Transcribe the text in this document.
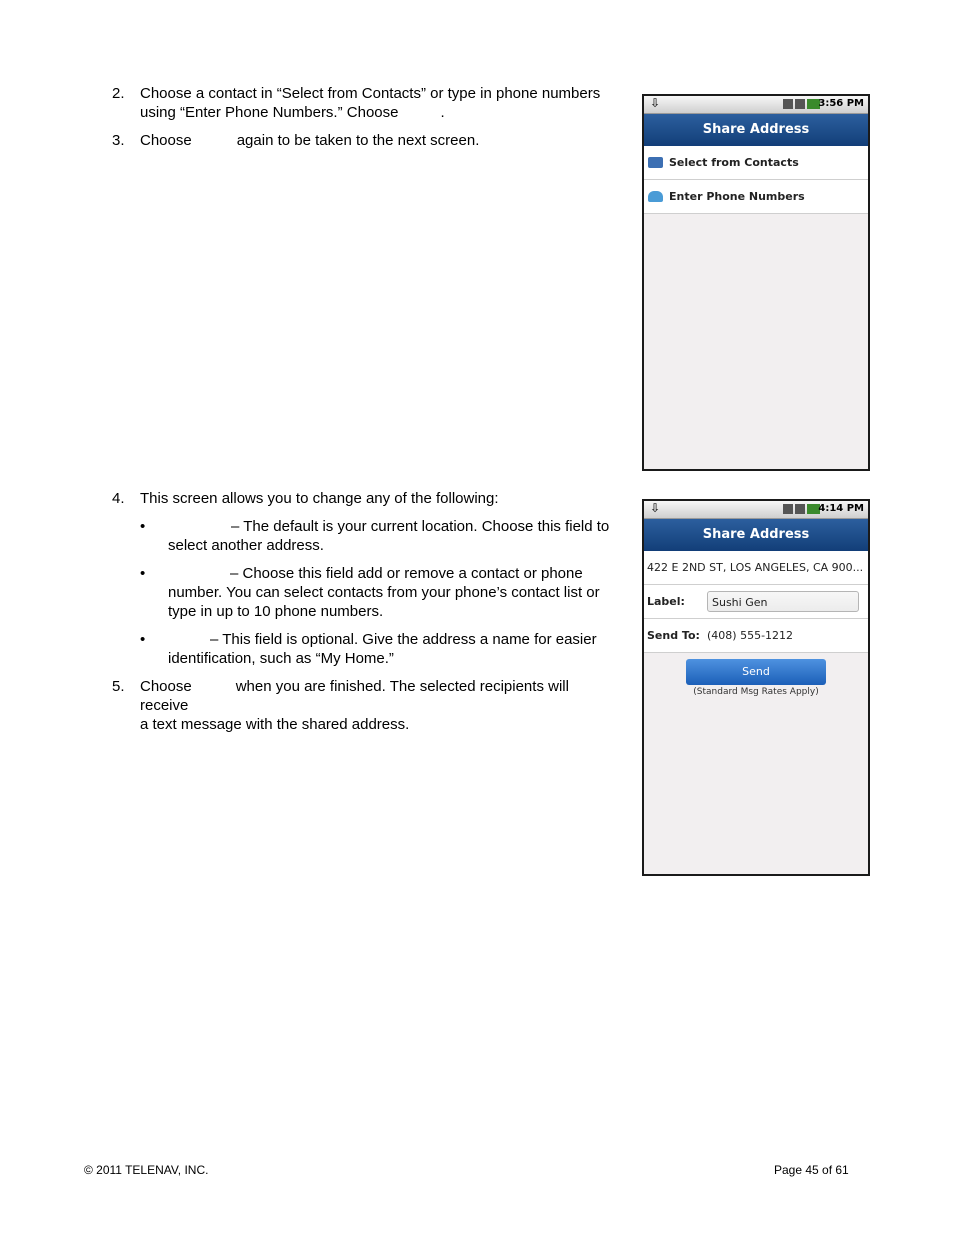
2. Choose a contact in “Select from Contacts” or type in phone numbers
using “Enter Phone Numbers.” Choose	.
3. Choose	again to be taken to the next screen.
4. This screen allows you to change any of the following:
•	– The default is your current location. Choose this field to
select another address.
•	– Choose this field add or remove a contact or phone
number. You can select contacts from your phone’s contact list or
type in up to 10 phone numbers.
•	– This field is optional. Give the address a name for easier
identification, such as “My Home.”
5. Choose	when you are finished. The selected recipients will receive
a text message with the shared address.
⇩	3:56 PM
Share Address
Select from Contacts
Enter Phone Numbers
⇩	4:14 PM
Share Address
422 E 2ND ST, LOS ANGELES, CA 900...
Label:	Sushi Gen
Send To: (408) 555-1212
Send
(Standard Msg Rates Apply)
© 2011 TELENAV, INC.	Page 45 of 61
